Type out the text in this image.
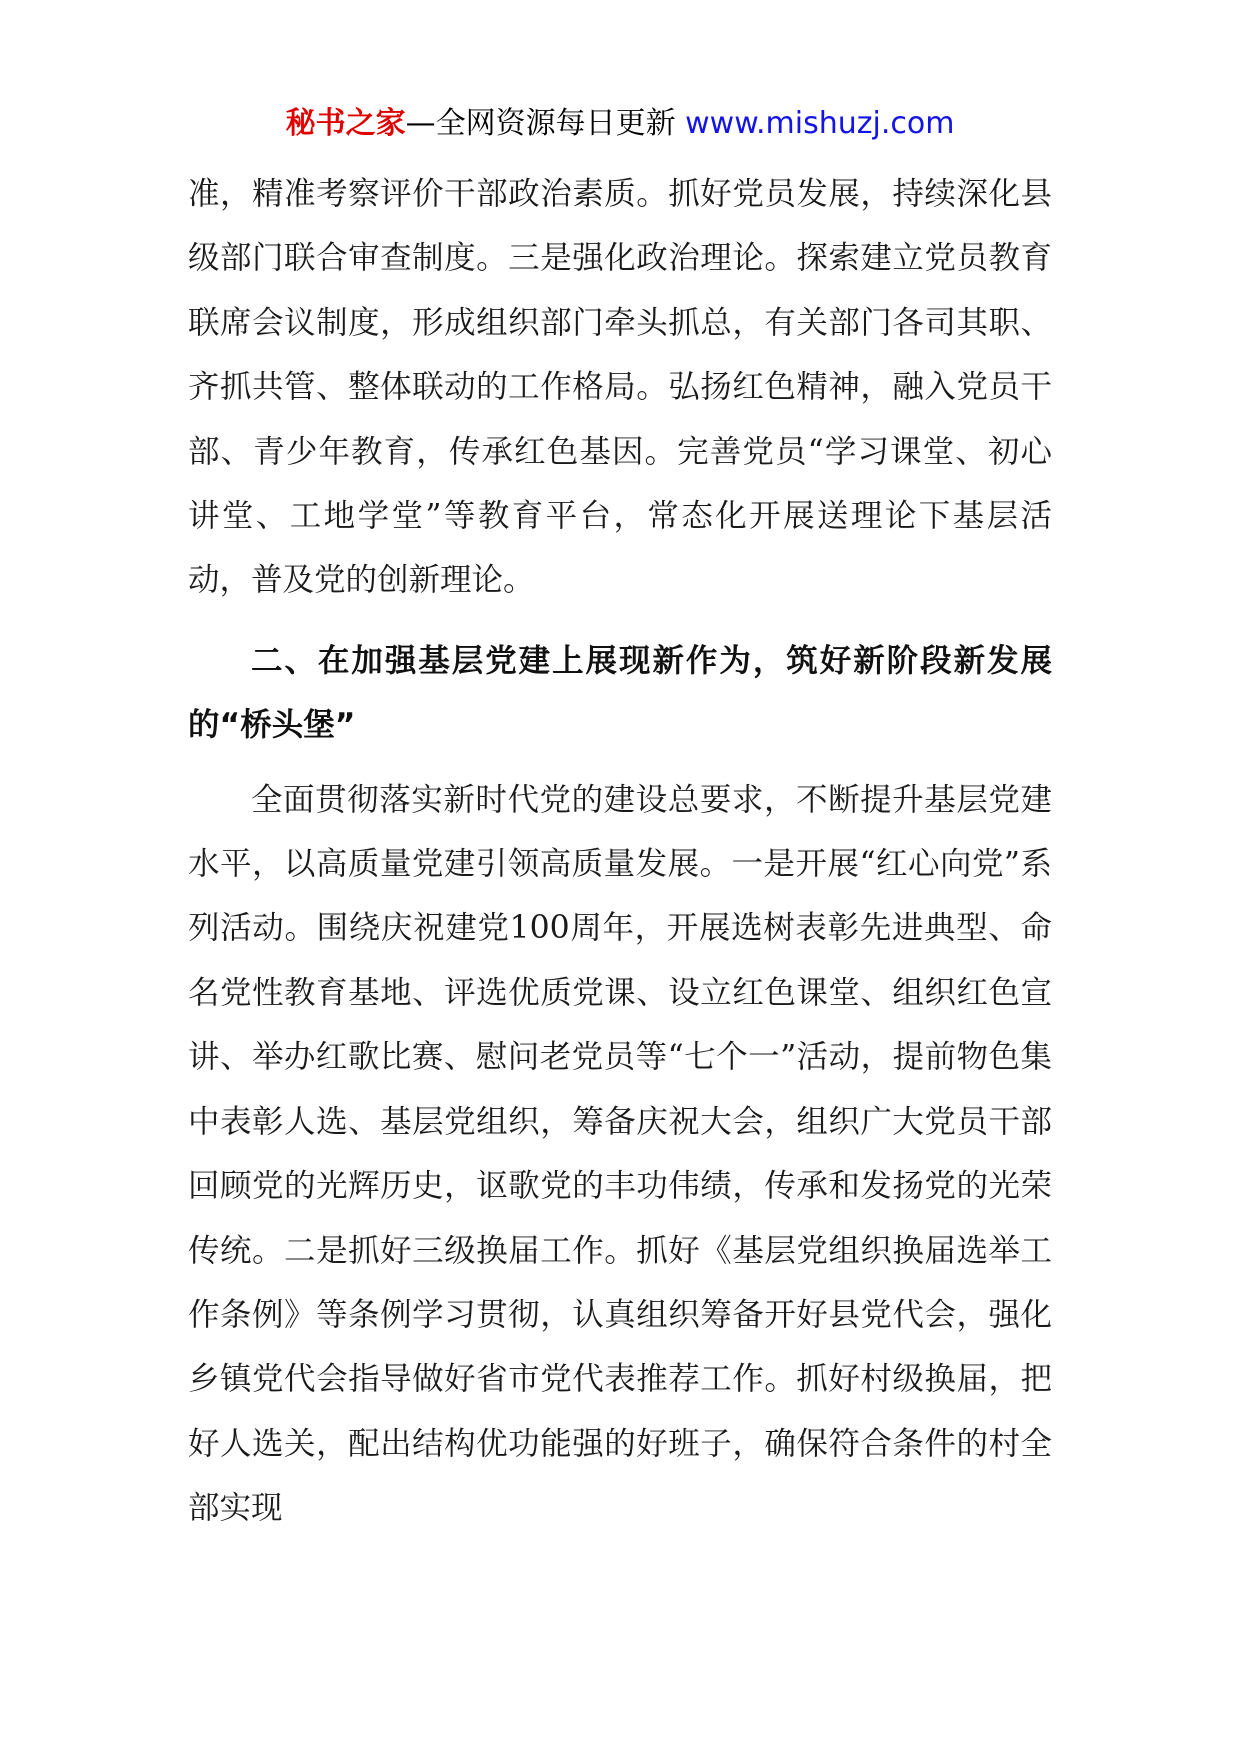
秘书之家—全网资源每日更新 www.mishuzj.com

准，精准考察评价干部政治素质。抓好党员发展，持续深化县级部门联合审查制度。三是强化政治理论。探索建立党员教育联席会议制度，形成组织部门牵头抓总，有关部门各司其职、齐抓共管、整体联动的工作格局。弘扬红色精神，融入党员干部、青少年教育，传承红色基因。完善党员“学习课堂、初心讲堂、工地学堂”等教育平台，常态化开展送理论下基层活动，普及党的创新理论。

二、在加强基层党建上展现新作为，筑好新阶段新发展的“桥头堡”

全面贯彻落实新时代党的建设总要求，不断提升基层党建水平，以高质量党建引领高质量发展。一是开展“红心向党”系列活动。围绕庆祝建党100周年，开展选树表彰先进典型、命名党性教育基地、评选优质党课、设立红色课堂、组织红色宣讲、举办红歌比赛、慰问老党员等“七个一”活动，提前物色集中表彰人选、基层党组织，筹备庆祝大会，组织广大党员干部回顾党的光辉历史，讴歌党的丰功伟绩，传承和发扬党的光荣传统。二是抓好三级换届工作。抓好《基层党组织换届选举工作条例》等条例学习贯彻，认真组织筹备开好县党代会，强化乡镇党代会指导做好省市党代表推荐工作。抓好村级换届，把好人选关，配出结构优功能强的好班子，确保符合条件的村全部实现
